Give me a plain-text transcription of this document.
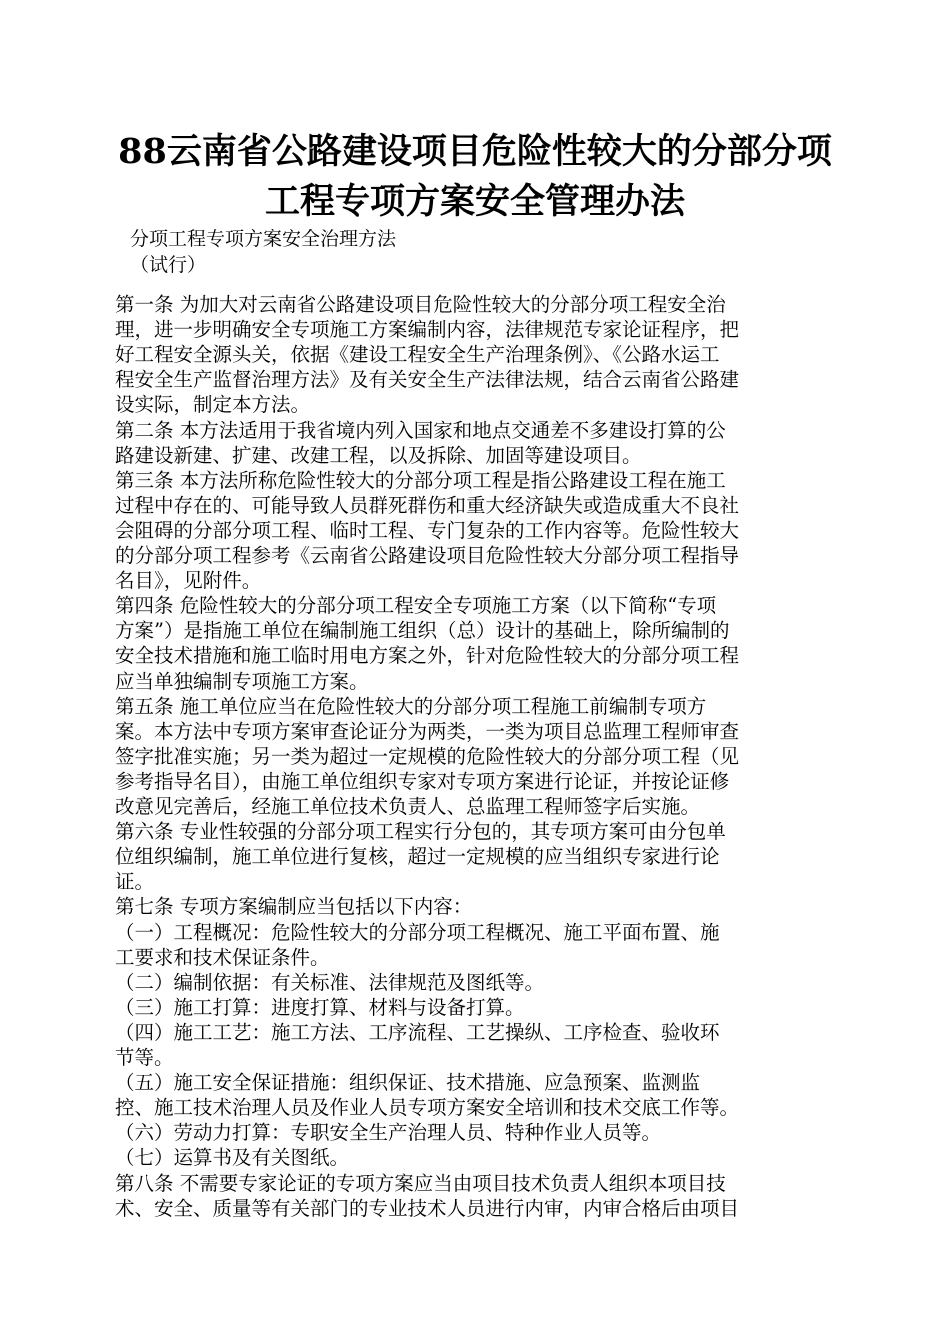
88云南省公路建设项目危险性较大的分部分项
工程专项方案安全管理办法
分项工程专项方案安全治理方法
（试行）
第一条 为加大对云南省公路建设项目危险性较大的分部分项工程安全治
理，进一步明确安全专项施工方案编制内容，法律规范专家论证程序，把
好工程安全源头关，依据《建设工程安全生产治理条例》、《公路水运工
程安全生产监督治理方法》及有关安全生产法律法规，结合云南省公路建
设实际，制定本方法。
第二条 本方法适用于我省境内列入国家和地点交通差不多建设打算的公
路建设新建、扩建、改建工程，以及拆除、加固等建设项目。
第三条 本方法所称危险性较大的分部分项工程是指公路建设工程在施工
过程中存在的、可能导致人员群死群伤和重大经济缺失或造成重大不良社
会阻碍的分部分项工程、临时工程、专门复杂的工作内容等。危险性较大
的分部分项工程参考《云南省公路建设项目危险性较大分部分项工程指导
名目》，见附件。
第四条 危险性较大的分部分项工程安全专项施工方案（以下简称“专项
方案”）是指施工单位在编制施工组织（总）设计的基础上，除所编制的
安全技术措施和施工临时用电方案之外，针对危险性较大的分部分项工程
应当单独编制专项施工方案。
第五条 施工单位应当在危险性较大的分部分项工程施工前编制专项方
案。本方法中专项方案审查论证分为两类，一类为项目总监理工程师审查
签字批准实施；另一类为超过一定规模的危险性较大的分部分项工程（见
参考指导名目），由施工单位组织专家对专项方案进行论证，并按论证修
改意见完善后，经施工单位技术负责人、总监理工程师签字后实施。
第六条 专业性较强的分部分项工程实行分包的，其专项方案可由分包单
位组织编制，施工单位进行复核，超过一定规模的应当组织专家进行论
证。
第七条 专项方案编制应当包括以下内容：
（一）工程概况：危险性较大的分部分项工程概况、施工平面布置、施
工要求和技术保证条件。
（二）编制依据：有关标准、法律规范及图纸等。
（三）施工打算：进度打算、材料与设备打算。
（四）施工工艺：施工方法、工序流程、工艺操纵、工序检查、验收环
节等。
（五）施工安全保证措施：组织保证、技术措施、应急预案、监测监
控、施工技术治理人员及作业人员专项方案安全培训和技术交底工作等。
（六）劳动力打算：专职安全生产治理人员、特种作业人员等。
（七）运算书及有关图纸。
第八条 不需要专家论证的专项方案应当由项目技术负责人组织本项目技
术、安全、质量等有关部门的专业技术人员进行内审，内审合格后由项目
